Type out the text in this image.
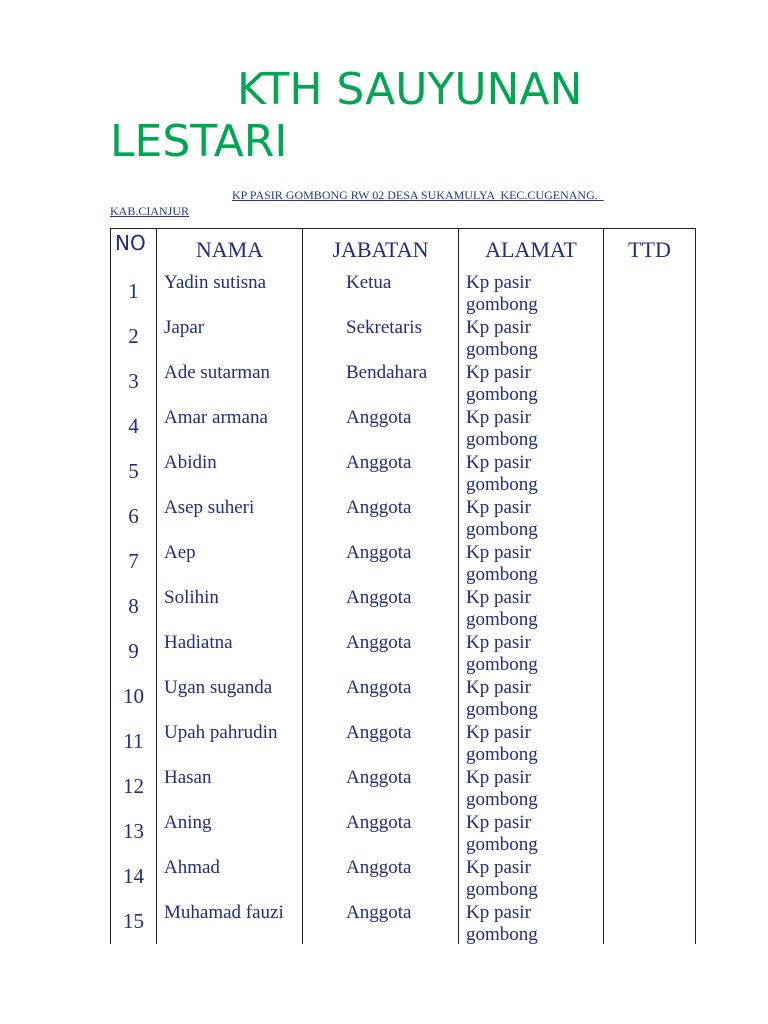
KTH SAUYUNAN LESTARI
KP PASIR GOMBONG RW 02 DESA SUKAMULYA  KEC.CUGENANG.  KAB.CIANJUR
NO	NAMA	JABATAN	ALAMAT	TTD
1	Yadin sutisna	Ketua	Kp pasir gombong	
2	Japar	Sekretaris	Kp pasir gombong	
3	Ade sutarman	Bendahara	Kp pasir gombong	
4	Amar armana	Anggota	Kp pasir gombong	
5	Abidin	Anggota	Kp pasir gombong	
6	Asep suheri	Anggota	Kp pasir gombong	
7	Aep	Anggota	Kp pasir gombong	
8	Solihin	Anggota	Kp pasir gombong	
9	Hadiatna	Anggota	Kp pasir gombong	
10	Ugan suganda	Anggota	Kp pasir gombong	
11	Upah pahrudin	Anggota	Kp pasir gombong	
12	Hasan	Anggota	Kp pasir gombong	
13	Aning	Anggota	Kp pasir gombong	
14	Ahmad	Anggota	Kp pasir gombong	
15	Muhamad fauzi	Anggota	Kp pasir gombong	
